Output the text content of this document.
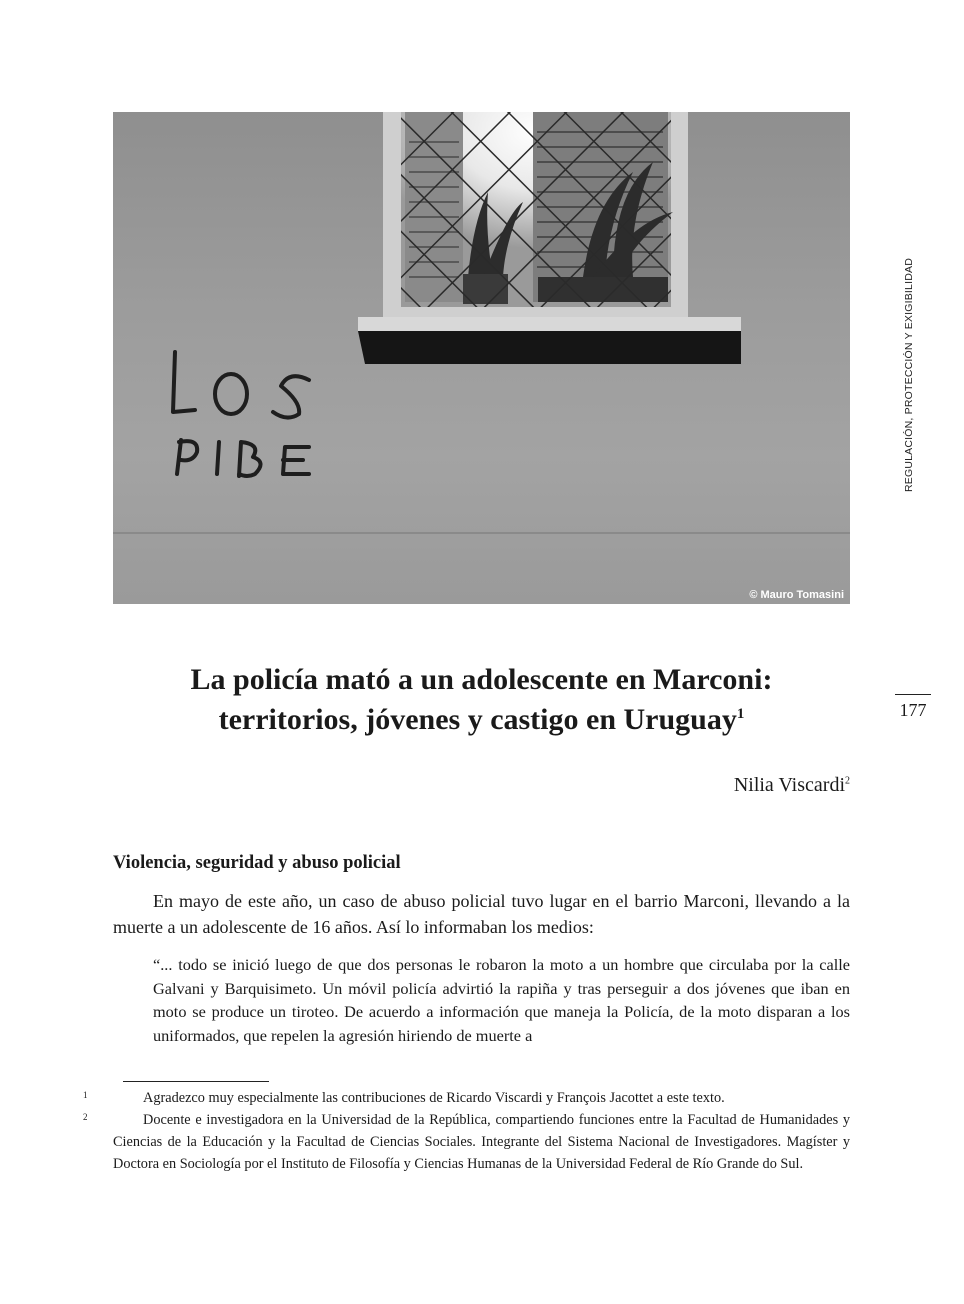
© Mauro Tomasini
REGULACIÓN, PROTECCIÓN Y EXIGIBILIDAD
177
La policía mató a un adolescente en Marconi:
territorios, jóvenes y castigo en Uruguay$^1$
Nilia Viscardi$^2$
Violencia, seguridad y abuso policial

En mayo de este año, un caso de abuso policial tuvo lugar en el barrio Marconi, llevando a la muerte a un adolescente de 16 años. Así lo informaban los medios:

“... todo se inició luego de que dos personas le robaron la moto a un hombre que circulaba por la calle Galvani y Barquisimeto. Un móvil policía advirtió la rapiña y tras perseguir a dos jóvenes que iban en moto se produce un tiroteo. De acuerdo a información que maneja la Policía, de la moto disparan a los uniformados, que repelen la agresión hiriendo de muerte a

1	Agradezco muy especialmente las contribuciones de Ricardo Viscardi y François Jacottet a este texto.

2	Docente e investigadora en la Universidad de la República, compartiendo funciones entre la Facultad de Humanidades y Ciencias de la Educación y la Facultad de Ciencias Sociales. Integrante del Sistema Nacional de Investigadores. Magíster y Doctora en Sociología por el Instituto de Filosofía y Ciencias Humanas de la Universidad Federal de Río Grande do Sul.
